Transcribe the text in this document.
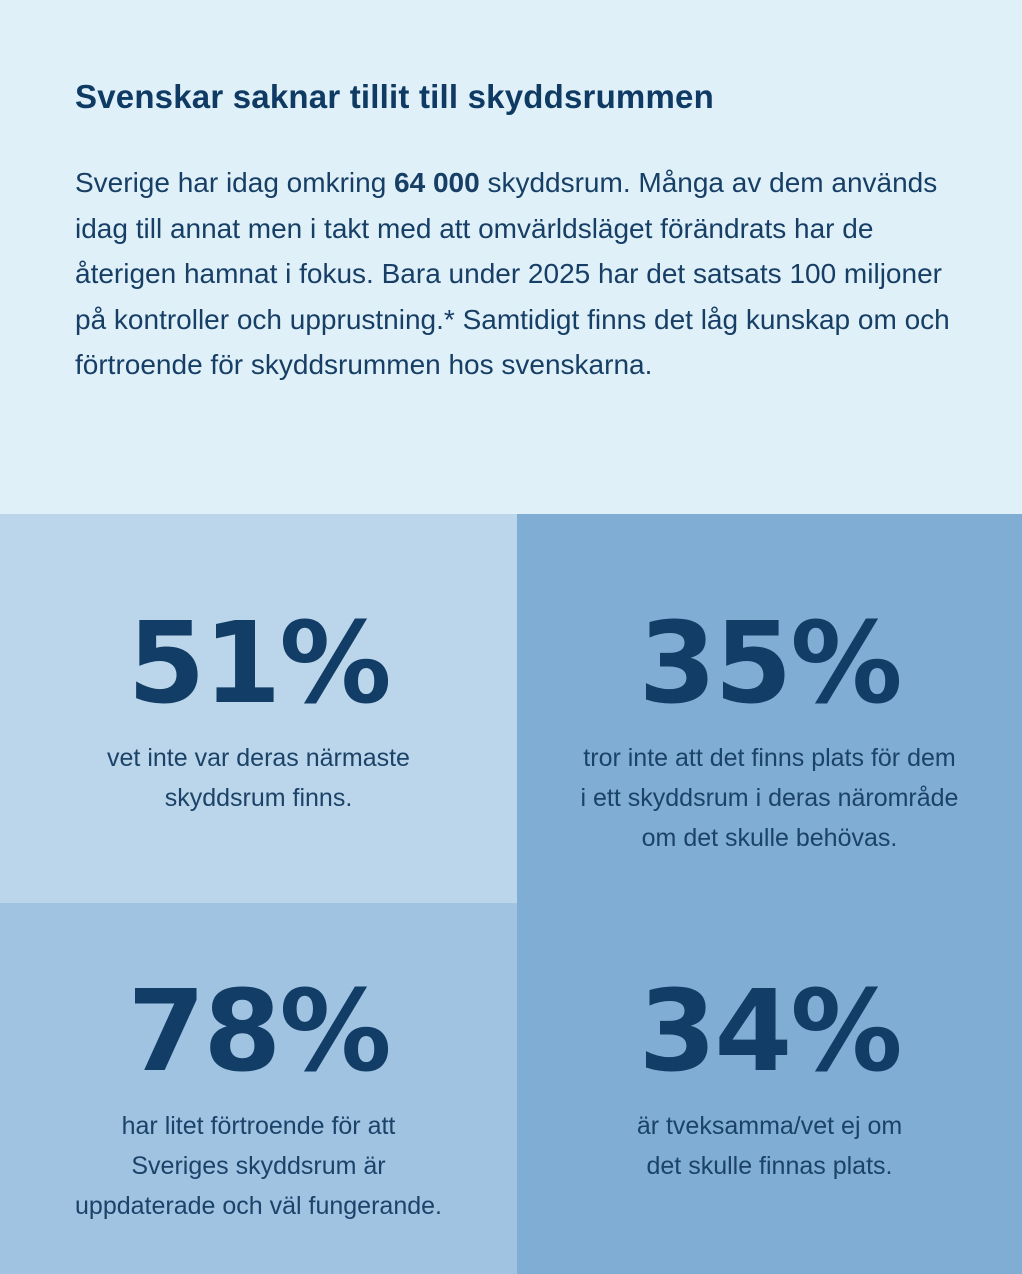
Svenskar saknar tillit till skyddsrummen

Sverige har idag omkring 64 000 skyddsrum. Många av dem används idag till annat men i takt med att omvärldsläget förändrats har de återigen hamnat i fokus. Bara under 2025 har det satsats 100 miljoner på kontroller och upprustning.* Samtidigt finns det låg kunskap om och förtroende för skyddsrummen hos svenskarna.

51%
vet inte var deras närmaste
skyddsrum finns.
35%
tror inte att det finns plats för dem
i ett skyddsrum i deras närområde
om det skulle behövas.
78%
har litet förtroende för att
Sveriges skyddsrum är
uppdaterade och väl fungerande.
34%
är tveksamma/vet ej om
det skulle finnas plats.
